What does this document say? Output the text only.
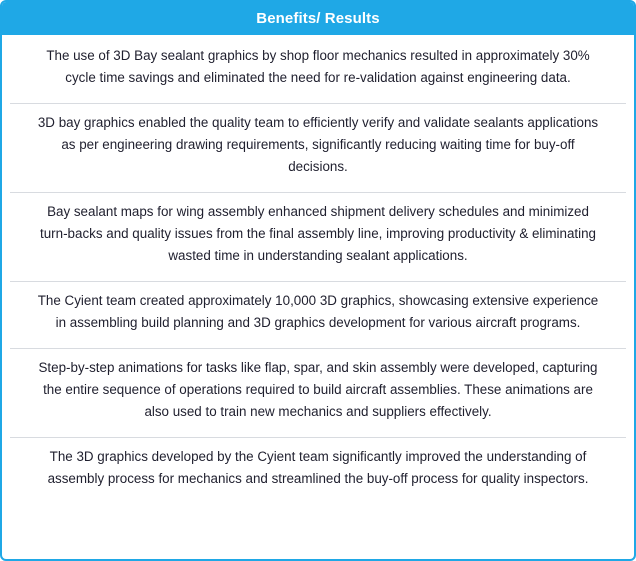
Benefits/ Results
The use of 3D Bay sealant graphics by shop floor mechanics resulted in approximately 30% cycle time savings and eliminated the need for re-validation against engineering data.
3D bay graphics enabled the quality team to efficiently verify and validate sealants applications as per engineering drawing requirements, significantly reducing waiting time for buy-off decisions.
Bay sealant maps for wing assembly enhanced shipment delivery schedules and minimized turn-backs and quality issues from the final assembly line, improving productivity & eliminating wasted time in understanding sealant applications.
The Cyient team created approximately 10,000 3D graphics, showcasing extensive experience in assembling build planning and 3D graphics development for various aircraft programs.
Step-by-step animations for tasks like flap, spar, and skin assembly were developed, capturing the entire sequence of operations required to build aircraft assemblies. These animations are also used to train new mechanics and suppliers effectively.
The 3D graphics developed by the Cyient team significantly improved the understanding of assembly process for mechanics and streamlined the buy-off process for quality inspectors.
